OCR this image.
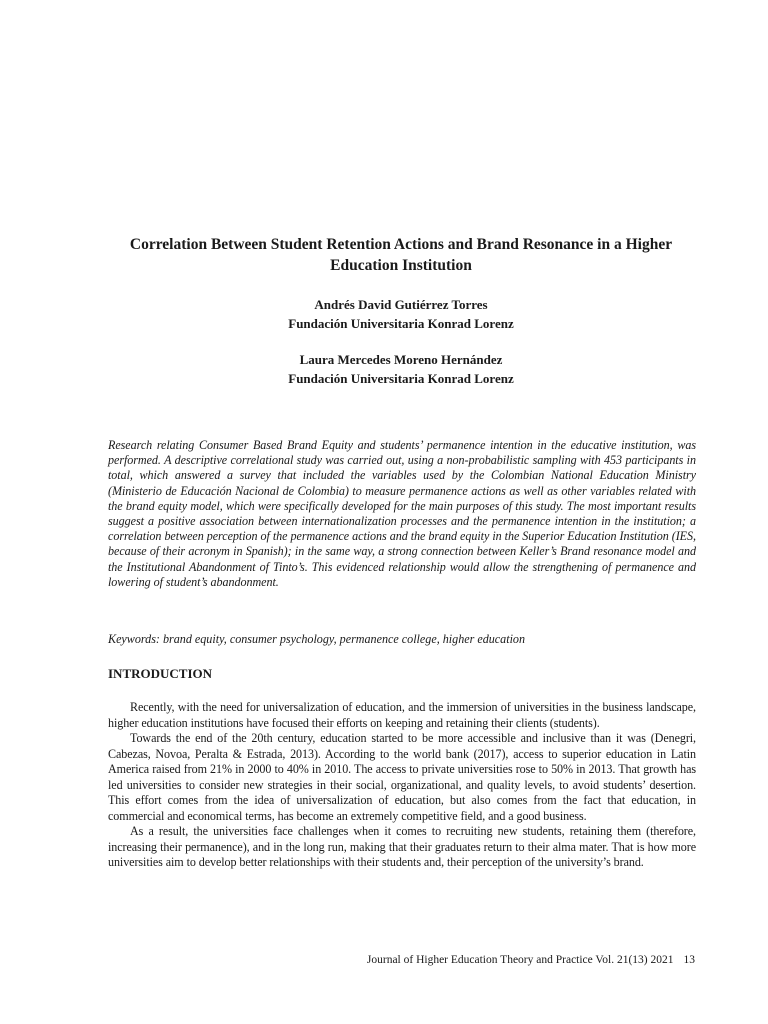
Correlation Between Student Retention Actions and Brand Resonance in a Higher Education Institution
Andrés David Gutiérrez Torres
Fundación Universitaria Konrad Lorenz
Laura Mercedes Moreno Hernández
Fundación Universitaria Konrad Lorenz
Research relating Consumer Based Brand Equity and students’ permanence intention in the educative institution, was performed. A descriptive correlational study was carried out, using a non-probabilistic sampling with 453 participants in total, which answered a survey that included the variables used by the Colombian National Education Ministry (Ministerio de Educación Nacional de Colombia) to measure permanence actions as well as other variables related with the brand equity model, which were specifically developed for the main purposes of this study. The most important results suggest a positive association between internationalization processes and the permanence intention in the institution; a correlation between perception of the permanence actions and the brand equity in the Superior Education Institution (IES, because of their acronym in Spanish); in the same way, a strong connection between Keller’s Brand resonance model and the Institutional Abandonment of Tinto’s. This evidenced relationship would allow the strengthening of permanence and lowering of student’s abandonment.
Keywords: brand equity, consumer psychology, permanence college, higher education
INTRODUCTION

Recently, with the need for universalization of education, and the immersion of universities in the business landscape, higher education institutions have focused their efforts on keeping and retaining their clients (students).

Towards the end of the 20th century, education started to be more accessible and inclusive than it was (Denegri, Cabezas, Novoa, Peralta & Estrada, 2013). According to the world bank (2017), access to superior education in Latin America raised from 21% in 2000 to 40% in 2010. The access to private universities rose to 50% in 2013. That growth has led universities to consider new strategies in their social, organizational, and quality levels, to avoid students’ desertion. This effort comes from the idea of universalization of education, but also comes from the fact that education, in commercial and economical terms, has become an extremely competitive field, and a good business.

As a result, the universities face challenges when it comes to recruiting new students, retaining them (therefore, increasing their permanence), and in the long run, making that their graduates return to their alma mater. That is how more universities aim to develop better relationships with their students and, their perception of the university’s brand.

Journal of Higher Education Theory and Practice Vol. 21(13) 2021 13
